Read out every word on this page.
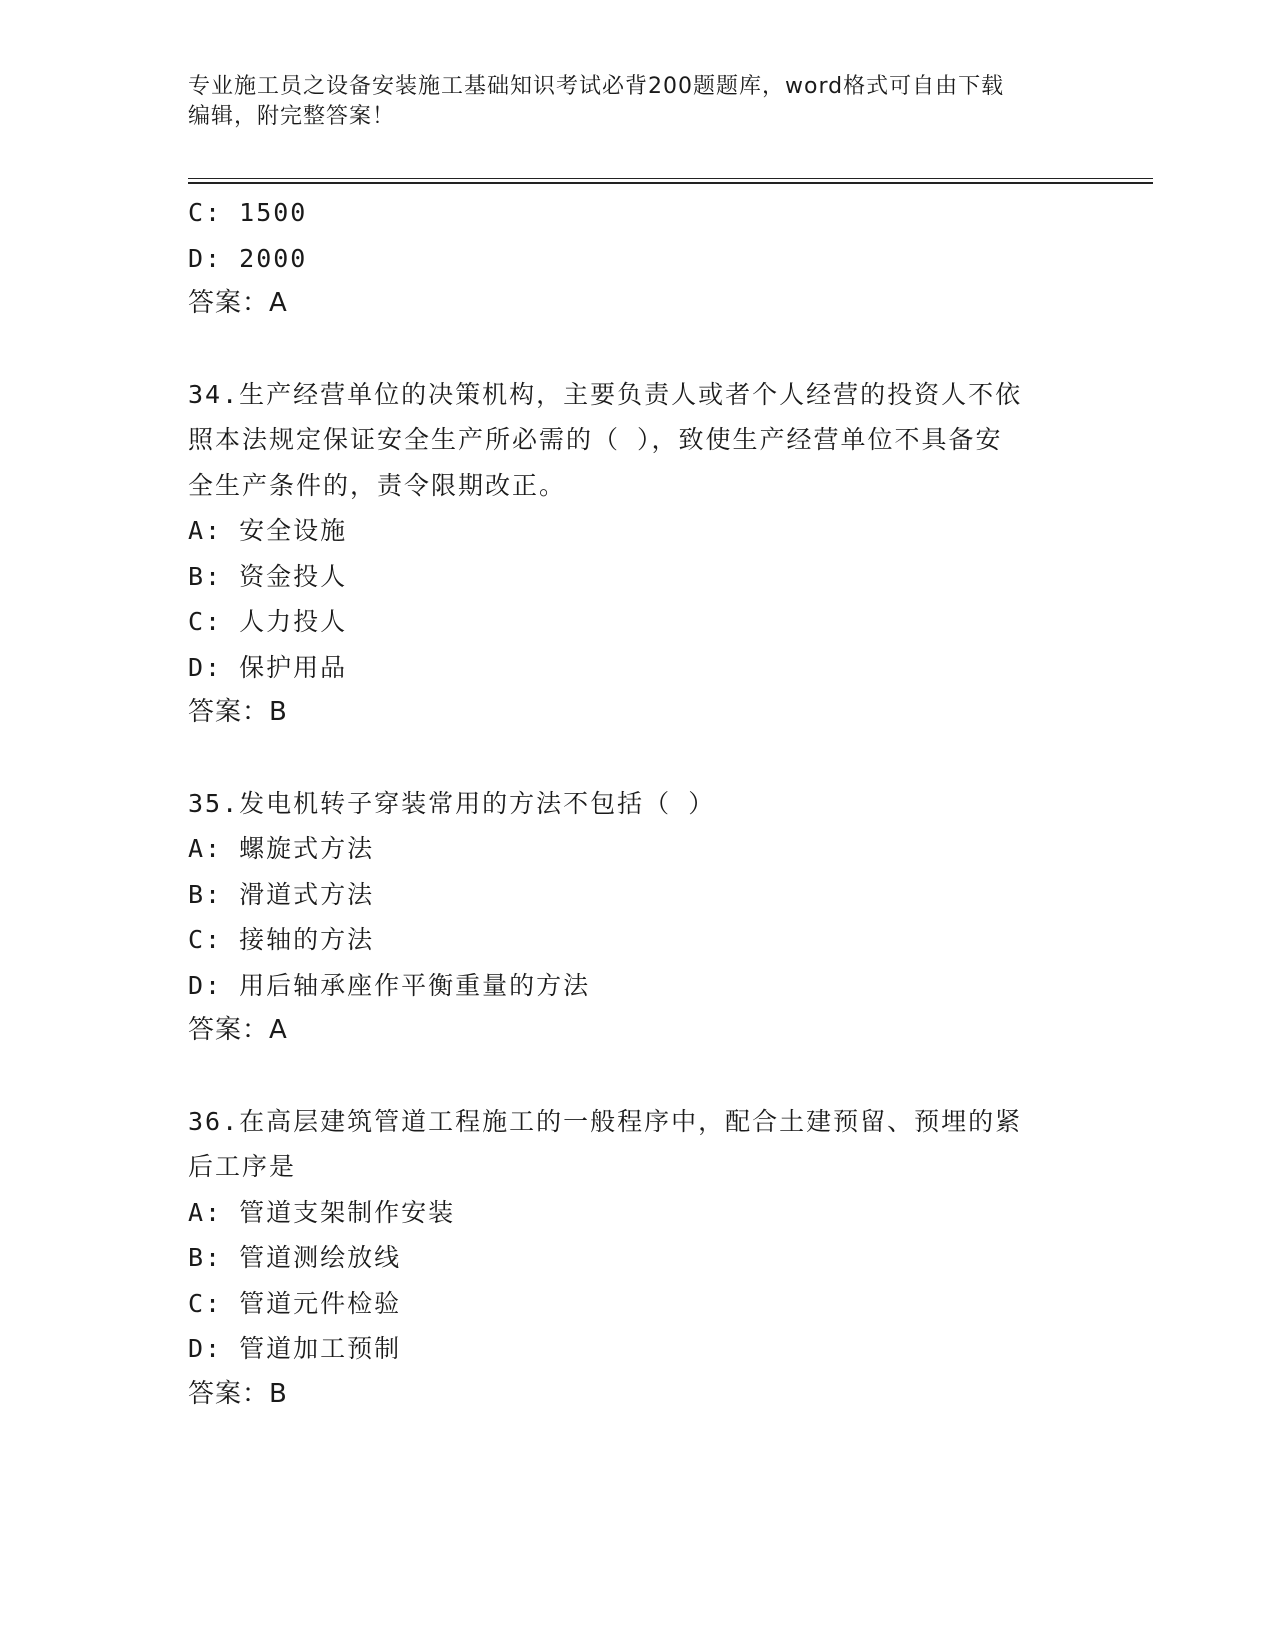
专业施工员之设备安装施工基础知识考试必背200题题库，word格式可自由下载
编辑，附完整答案！
C: 1500
D: 2000
答案：A
34.生产经营单位的决策机构，主要负责人或者个人经营的投资人不依
照本法规定保证安全生产所必需的（ ），致使生产经营单位不具备安
全生产条件的，责令限期改正。
A: 安全设施
B: 资金投人
C: 人力投人
D: 保护用品
答案：B
35.发电机转子穿装常用的方法不包括（ ）
A: 螺旋式方法
B: 滑道式方法
C: 接轴的方法
D: 用后轴承座作平衡重量的方法
答案：A
36.在高层建筑管道工程施工的一般程序中，配合土建预留、预埋的紧
后工序是
A: 管道支架制作安装
B: 管道测绘放线
C: 管道元件检验
D: 管道加工预制
答案：B
